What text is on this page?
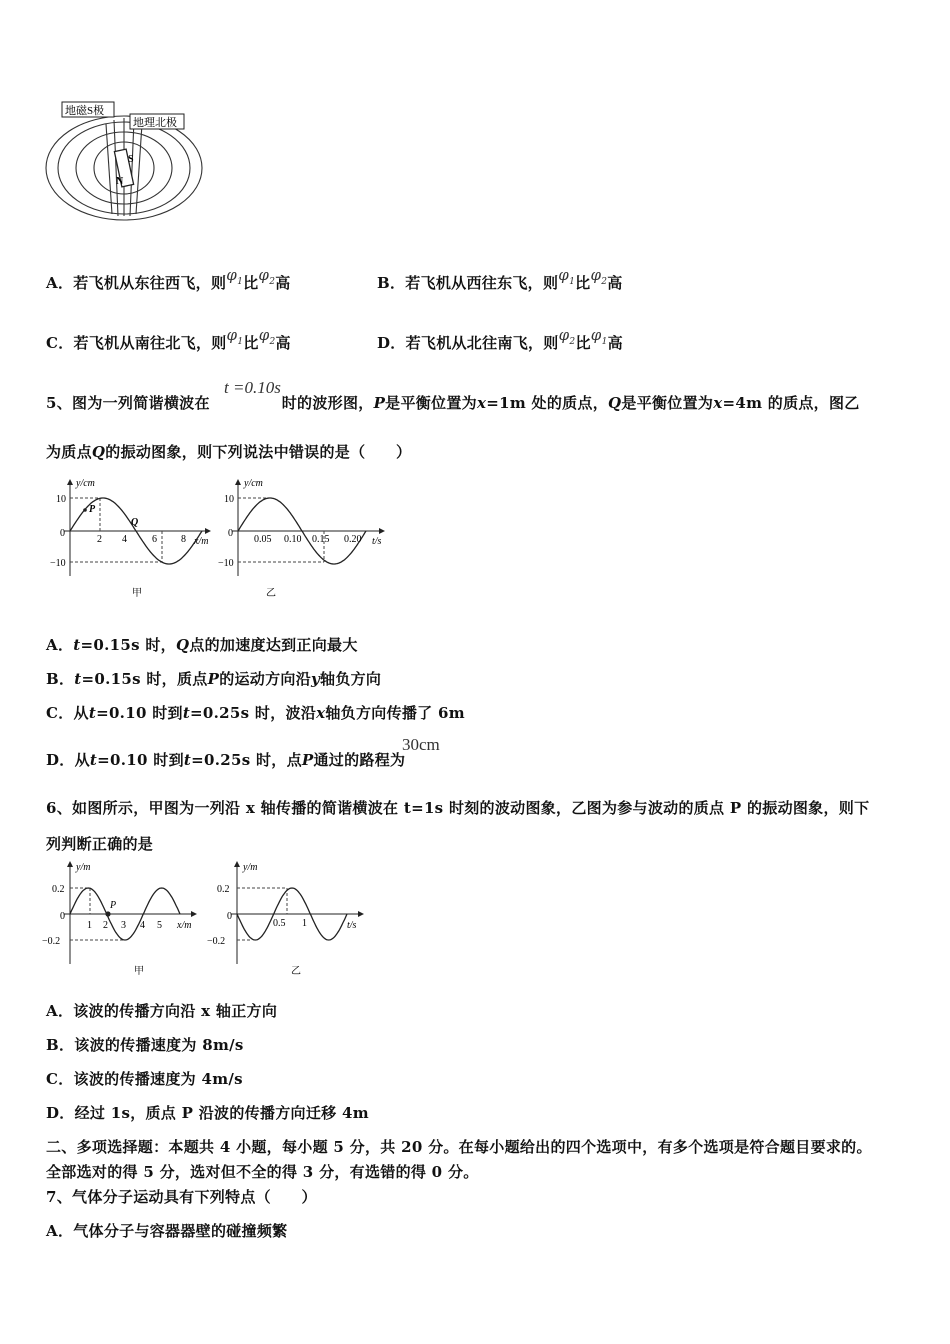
S
N
地磁S极
地理北极
A．若飞机从东往西飞，则$\varphi_1$比$\varphi_2$高	B．若飞机从西往东飞，则$\varphi_1$比$\varphi_2$高
C．若飞机从南往北飞，则$\varphi_1$比$\varphi_2$高	D．若飞机从北往南飞，则$\varphi_2$比$\varphi_1$高
5、图为一列简谐横波在	时的波形图，P是平衡位置为x=1m 处的质点，Q是平衡位置为x=4m 的质点，图乙
t =0.10s
为质点Q的振动图象，则下列说法中错误的是（　　）
y/cm
x/m
10
−10
0
2 4	6 8
P
Q
甲
y/cm
t/s
10
−10
0
0.05 0.10 0.15 0.20
乙
A．t=0.15s 时，Q点的加速度达到正向最大
B．t=0.15s 时，质点P的运动方向沿y轴负方向
C．从t=0.10 时到t=0.25s 时，波沿x轴负方向传播了 6m
D．从t=0.10 时到t=0.25s 时，点P通过的路程为
30cm
6、如图所示，甲图为一列沿 x 轴传播的简谐横波在 t=1s 时刻的波动图象，乙图为参与波动的质点 P 的振动图象，则下
列判断正确的是
y/m
x/m
0.2
−0.2
0
1 2 3 4 5
P
甲
y/m
t/s
0.2
−0.2
0
0.5 1
乙
A．该波的传播方向沿 x 轴正方向
B．该波的传播速度为 8m/s
C．该波的传播速度为 4m/s
D．经过 1s，质点 P 沿波的传播方向迁移 4m
二、多项选择题：本题共 4 小题，每小题 5 分，共 20 分。在每小题给出的四个选项中，有多个选项是符合题目要求的。
全部选对的得 5 分，选对但不全的得 3 分，有选错的得 0 分。
7、气体分子运动具有下列特点（　　）
A．气体分子与容器器壁的碰撞频繁
